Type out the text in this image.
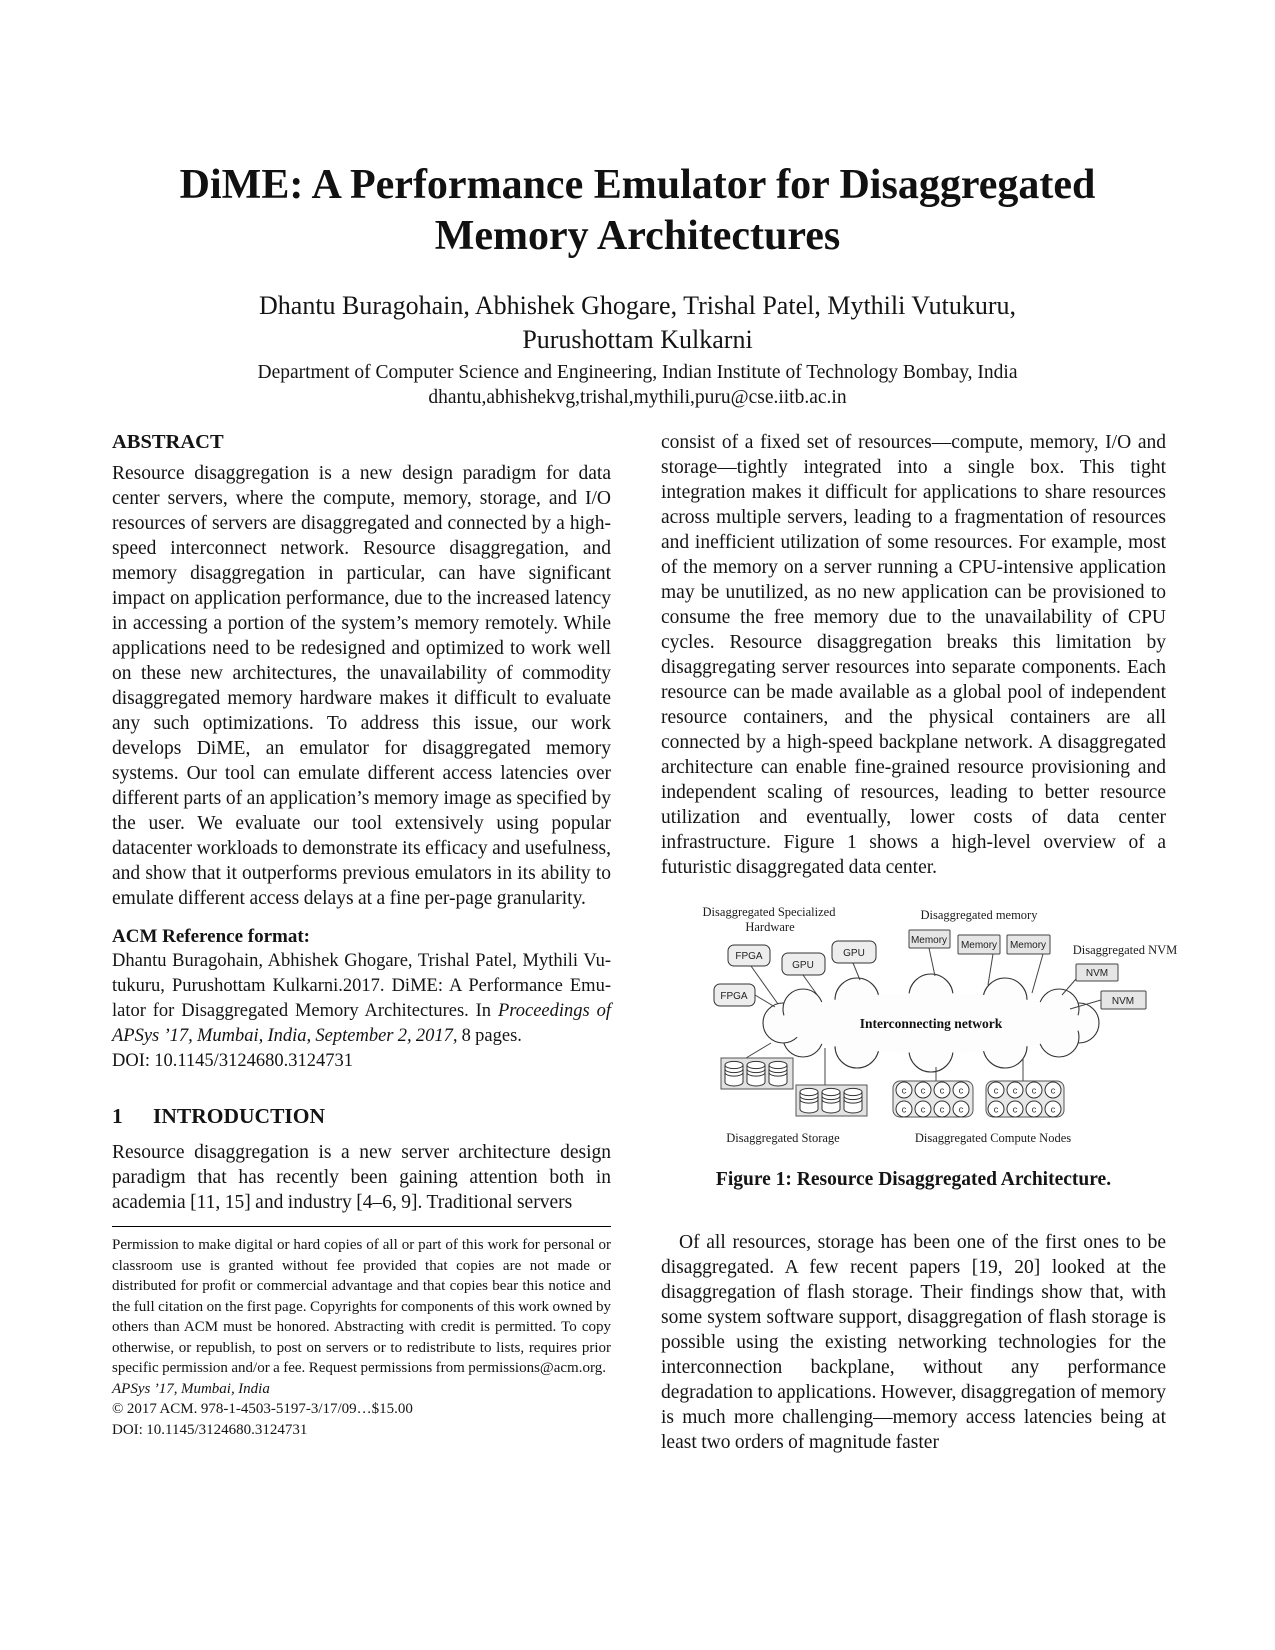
DiME: A Performance Emulator for Disaggregated
Memory Architectures
Dhantu Buragohain, Abhishek Ghogare, Trishal Patel, Mythili Vutukuru,
Purushottam Kulkarni
Department of Computer Science and Engineering, Indian Institute of Technology Bombay, India
dhantu,abhishekvg,trishal,mythili,puru@cse.iitb.ac.in
ABSTRACT

Resource disaggregation is a new design paradigm for data center servers, where the compute, memory, storage, and I/O resources of servers are disaggregated and connected by a high-speed interconnect network. Resource disaggregation, and memory disaggregation in particular, can have significant impact on application performance, due to the increased latency in accessing a portion of the system’s memory remotely. While applications need to be redesigned and optimized to work well on these new architectures, the unavailability of commodity disaggregated memory hardware makes it difficult to evaluate any such optimizations. To address this issue, our work develops DiME, an emulator for disaggregated memory systems. Our tool can emulate different access latencies over different parts of an application’s memory image as specified by the user. We evaluate our tool extensively using popular datacenter workloads to demonstrate its efficacy and usefulness, and show that it outperforms previous emulators in its ability to emulate different access delays at a fine per-page granularity.

ACM Reference format:

Dhantu Buragohain, Abhishek Ghogare, Trishal Patel, Mythili Vutukuru, Purushottam Kulkarni.2017. DiME: A Performance Emulator for Disaggregated Memory Architectures. In Proceedings of APSys ’17, Mumbai, India, September 2, 2017, 8 pages.
DOI: 10.1145/3124680.3124731

1 INTRODUCTION

Resource disaggregation is a new server architecture design paradigm that has recently been gaining attention both in academia [11, 15] and industry [4–6, 9]. Traditional servers

Permission to make digital or hard copies of all or part of this work for personal or classroom use is granted without fee provided that copies are not made or distributed for profit or commercial advantage and that copies bear this notice and the full citation on the first page. Copyrights for components of this work owned by others than ACM must be honored. Abstracting with credit is permitted. To copy otherwise, or republish, to post on servers or to redistribute to lists, requires prior specific permission and/or a fee. Request permissions from permissions@acm.org.

APSys ’17, Mumbai, India
© 2017 ACM. 978-1-4503-5197-3/17/09…$15.00
DOI: 10.1145/3124680.3124731

consist of a fixed set of resources—compute, memory, I/O and storage—tightly integrated into a single box. This tight integration makes it difficult for applications to share resources across multiple servers, leading to a fragmentation of resources and inefficient utilization of some resources. For example, most of the memory on a server running a CPU-intensive application may be unutilized, as no new application can be provisioned to consume the free memory due to the unavailability of CPU cycles. Resource disaggregation breaks this limitation by disaggregating server resources into separate components. Each resource can be made available as a global pool of independent resource containers, and the physical containers are all connected by a high-speed backplane network. A disaggregated architecture can enable fine-grained resource provisioning and independent scaling of resources, leading to better resource utilization and eventually, lower costs of data center infrastructure. Figure 1 shows a high-level overview of a futuristic disaggregated data center.

c
Interconnecting network
FPGA
GPU
GPU
FPGA
Memory Memory Memory
NVM
NVM
Disaggregated Specialized
Hardware
Disaggregated memory
Disaggregated NVM
Disaggregated Storage	Disaggregated Compute Nodes
Figure 1: Resource Disaggregated Architecture.

Of all resources, storage has been one of the first ones to be disaggregated. A few recent papers [19, 20] looked at the disaggregation of flash storage. Their findings show that, with some system software support, disaggregation of flash storage is possible using the existing networking technologies for the interconnection backplane, without any performance degradation to applications. However, disaggregation of memory is much more challenging—memory access latencies being at least two orders of magnitude faster
